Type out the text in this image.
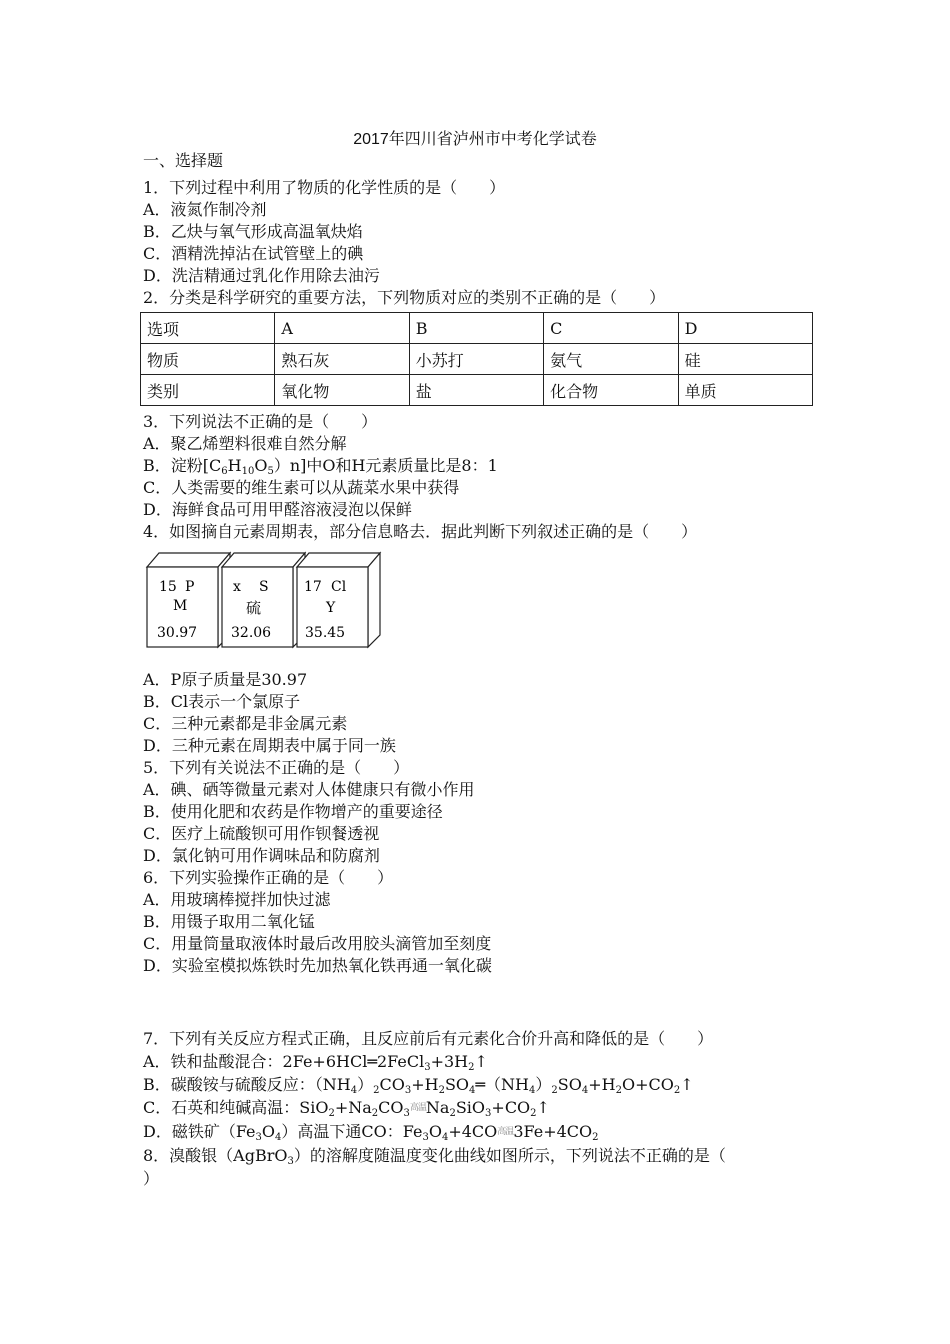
2017年四川省泸州市中考化学试卷
一、选择题
1．下列过程中利用了物质的化学性质的是（　　）
A．液氮作制冷剂
B．乙炔与氧气形成高温氧炔焰
C．酒精洗掉沾在试管壁上的碘
D．洗洁精通过乳化作用除去油污
2．分类是科学研究的重要方法，下列物质对应的类别不正确的是（　　）
选项	A	B	C	D
物质	熟石灰	小苏打	氨气	硅
类别	氧化物	盐	化合物	单质
3．下列说法不正确的是（　　）
A．聚乙烯塑料很难自然分解
B．淀粉$[C_6H_{10}O_5)n$]中O和H元素质量比是8：1
C．人类需要的维生素可以从蔬菜水果中获得
D．海鲜食品可用甲醛溶液浸泡以保鲜
4．如图摘自元素周期表，部分信息略去．据此判断下列叙述正确的是（　　）
15 P
M
30.97
x S
硫
32.06
17 Cl
Y
35.45
A．P原子质量是30.97
B．Cl表示一个氯原子
C．三种元素都是非金属元素
D．三种元素在周期表中属于同一族
5．下列有关说法不正确的是（　　）
A．碘、硒等微量元素对人体健康只有微小作用
B．使用化肥和农药是作物增产的重要途径
C．医疗上硫酸钡可用作钡餐透视
D．氯化钠可用作调味品和防腐剂
6．下列实验操作正确的是（　　）
A．用玻璃棒搅拌加快过滤
B．用镊子取用二氧化锰
C．用量筒量取液体时最后改用胶头滴管加至刻度
D．实验室模拟炼铁时先加热氧化铁再通一氧化碳
7．下列有关反应方程式正确，且反应前后有元素化合价升高和降低的是（　　）
A．铁和盐酸混合：$2Fe+6HCl═2FeCl_3+3H_2↑$
B．碳酸铵与硫酸反应：$(NH_4)_2CO_3+H_2SO_4═(NH_4)_2SO_4+H_2O+CO_2↑$
C．石英和纯碱高温：$SiO_2+Na_2CO_3$高温$Na_2SiO_3+CO_2↑$
D．磁铁矿$(Fe_3O_4)$高温下通CO：$Fe_3O_4+4CO$高温$3Fe+4CO_2$
8．溴酸银（AgBrO$_3$）的溶解度随温度变化曲线如图所示，下列说法不正确的是（
）
